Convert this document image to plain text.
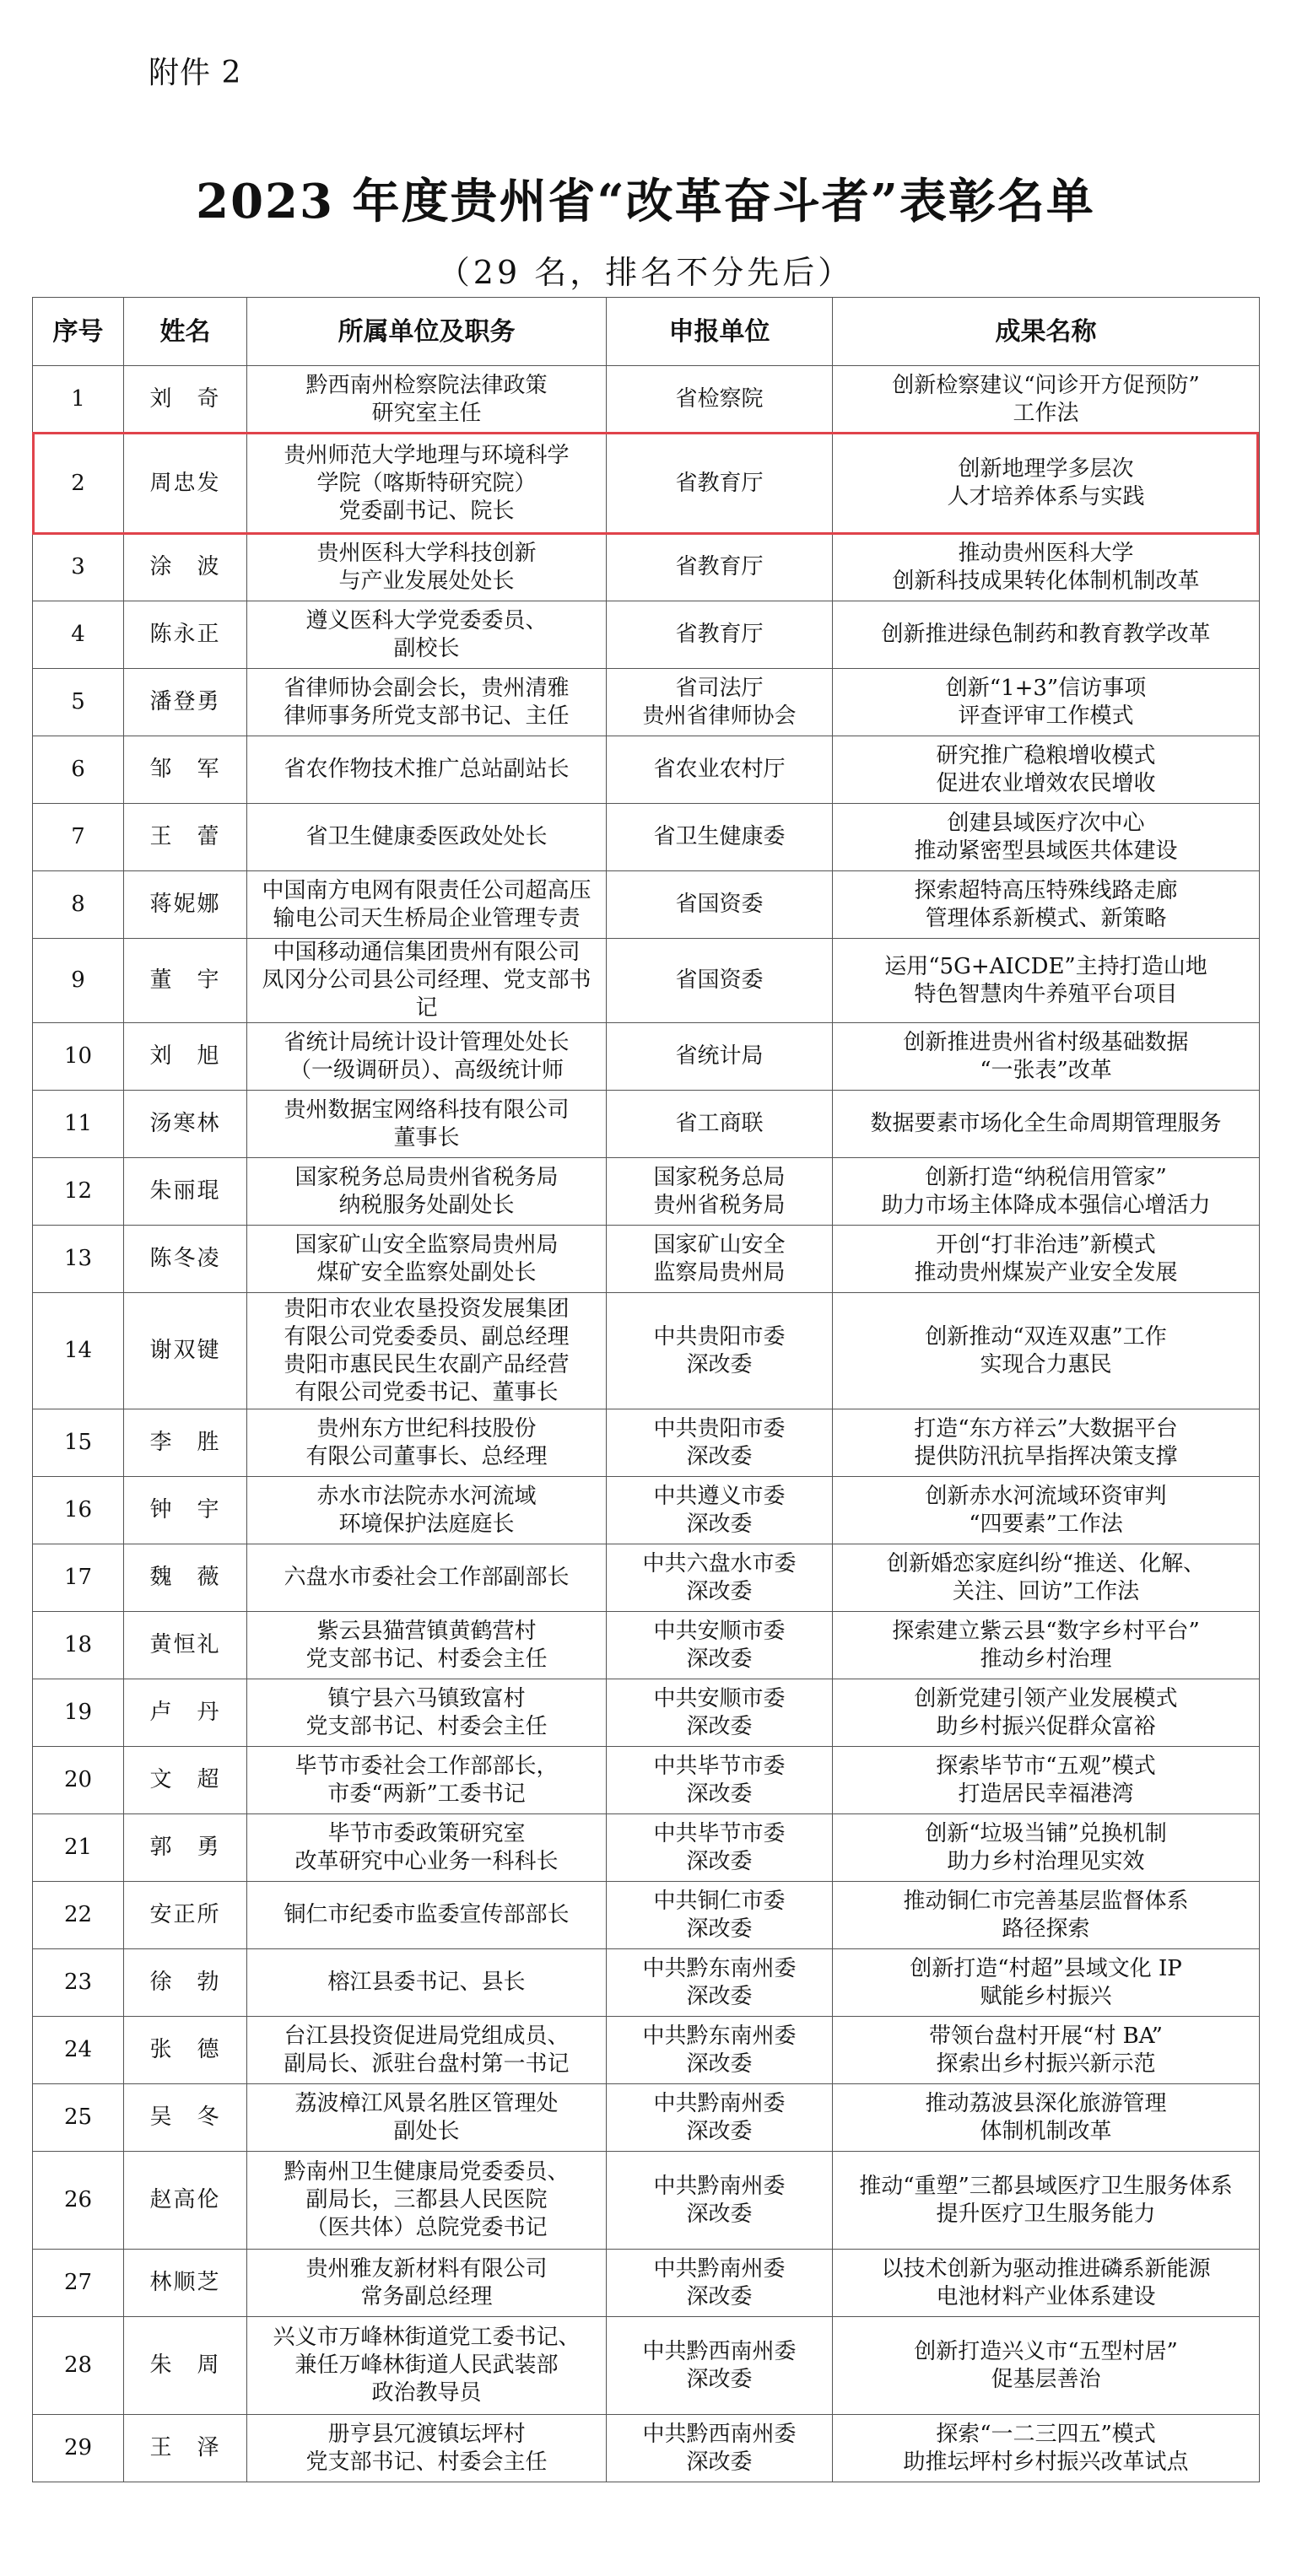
附件 2
2023 年度贵州省“改革奋斗者”表彰名单
（29 名，排名不分先后）
序号	姓名	所属单位及职务	申报单位	成果名称
1	刘　奇	黔西南州检察院法律政策
研究室主任	省检察院	创新检察建议“问诊开方促预防”
工作法
2	周忠发	贵州师范大学地理与环境科学
学院（喀斯特研究院）
党委副书记、院长	省教育厅	创新地理学多层次
人才培养体系与实践
3	涂　波	贵州医科大学科技创新
与产业发展处处长	省教育厅	推动贵州医科大学
创新科技成果转化体制机制改革
4	陈永正	遵义医科大学党委委员、
副校长	省教育厅	创新推进绿色制药和教育教学改革
5	潘登勇	省律师协会副会长，贵州清雅
律师事务所党支部书记、主任	省司法厅
贵州省律师协会	创新“1+3”信访事项
评查评审工作模式
6	邹　军	省农作物技术推广总站副站长	省农业农村厅	研究推广稳粮增收模式
促进农业增效农民增收
7	王　蕾	省卫生健康委医政处处长	省卫生健康委	创建县域医疗次中心
推动紧密型县域医共体建设
8	蒋妮娜	中国南方电网有限责任公司超高压
输电公司天生桥局企业管理专责	省国资委	探索超特高压特殊线路走廊
管理体系新模式、新策略
9	董　宇	中国移动通信集团贵州有限公司
凤冈分公司县公司经理、党支部书记	省国资委	运用“5G+AICDE”主持打造山地
特色智慧肉牛养殖平台项目
10	刘　旭	省统计局统计设计管理处处长
（一级调研员）、高级统计师	省统计局	创新推进贵州省村级基础数据
“一张表”改革
11	汤寒林	贵州数据宝网络科技有限公司
董事长	省工商联	数据要素市场化全生命周期管理服务
12	朱丽琨	国家税务总局贵州省税务局
纳税服务处副处长	国家税务总局
贵州省税务局	创新打造“纳税信用管家”
助力市场主体降成本强信心增活力
13	陈冬凌	国家矿山安全监察局贵州局
煤矿安全监察处副处长	国家矿山安全
监察局贵州局	开创“打非治违”新模式
推动贵州煤炭产业安全发展
14	谢双键	贵阳市农业农垦投资发展集团
有限公司党委委员、副总经理
贵阳市惠民民生农副产品经营
有限公司党委书记、董事长	中共贵阳市委
深改委	创新推动“双连双惠”工作
实现合力惠民
15	李　胜	贵州东方世纪科技股份
有限公司董事长、总经理	中共贵阳市委
深改委	打造“东方祥云”大数据平台
提供防汛抗旱指挥决策支撑
16	钟　宇	赤水市法院赤水河流域
环境保护法庭庭长	中共遵义市委
深改委	创新赤水河流域环资审判
“四要素”工作法
17	魏　薇	六盘水市委社会工作部副部长	中共六盘水市委
深改委	创新婚恋家庭纠纷“推送、化解、
关注、回访”工作法
18	黄恒礼	紫云县猫营镇黄鹤营村
党支部书记、村委会主任	中共安顺市委
深改委	探索建立紫云县“数字乡村平台”
推动乡村治理
19	卢　丹	镇宁县六马镇致富村
党支部书记、村委会主任	中共安顺市委
深改委	创新党建引领产业发展模式
助乡村振兴促群众富裕
20	文　超	毕节市委社会工作部部长，
市委“两新”工委书记	中共毕节市委
深改委	探索毕节市“五观”模式
打造居民幸福港湾
21	郭　勇	毕节市委政策研究室
改革研究中心业务一科科长	中共毕节市委
深改委	创新“垃圾当铺”兑换机制
助力乡村治理见实效
22	安正所	铜仁市纪委市监委宣传部部长	中共铜仁市委
深改委	推动铜仁市完善基层监督体系
路径探索
23	徐　勃	榕江县委书记、县长	中共黔东南州委
深改委	创新打造“村超”县域文化 IP
赋能乡村振兴
24	张　德	台江县投资促进局党组成员、
副局长、派驻台盘村第一书记	中共黔东南州委
深改委	带领台盘村开展“村 BA”
探索出乡村振兴新示范
25	吴　冬	荔波樟江风景名胜区管理处
副处长	中共黔南州委
深改委	推动荔波县深化旅游管理
体制机制改革
26	赵高伦	黔南州卫生健康局党委委员、
副局长，三都县人民医院
（医共体）总院党委书记	中共黔南州委
深改委	推动“重塑”三都县域医疗卫生服务体系
提升医疗卫生服务能力
27	林顺芝	贵州雅友新材料有限公司
常务副总经理	中共黔南州委
深改委	以技术创新为驱动推进磷系新能源
电池材料产业体系建设
28	朱　周	兴义市万峰林街道党工委书记、
兼任万峰林街道人民武装部
政治教导员	中共黔西南州委
深改委	创新打造兴义市“五型村居”
促基层善治
29	王　泽	册亨县冗渡镇坛坪村
党支部书记、村委会主任	中共黔西南州委
深改委	探索“一二三四五”模式
助推坛坪村乡村振兴改革试点
